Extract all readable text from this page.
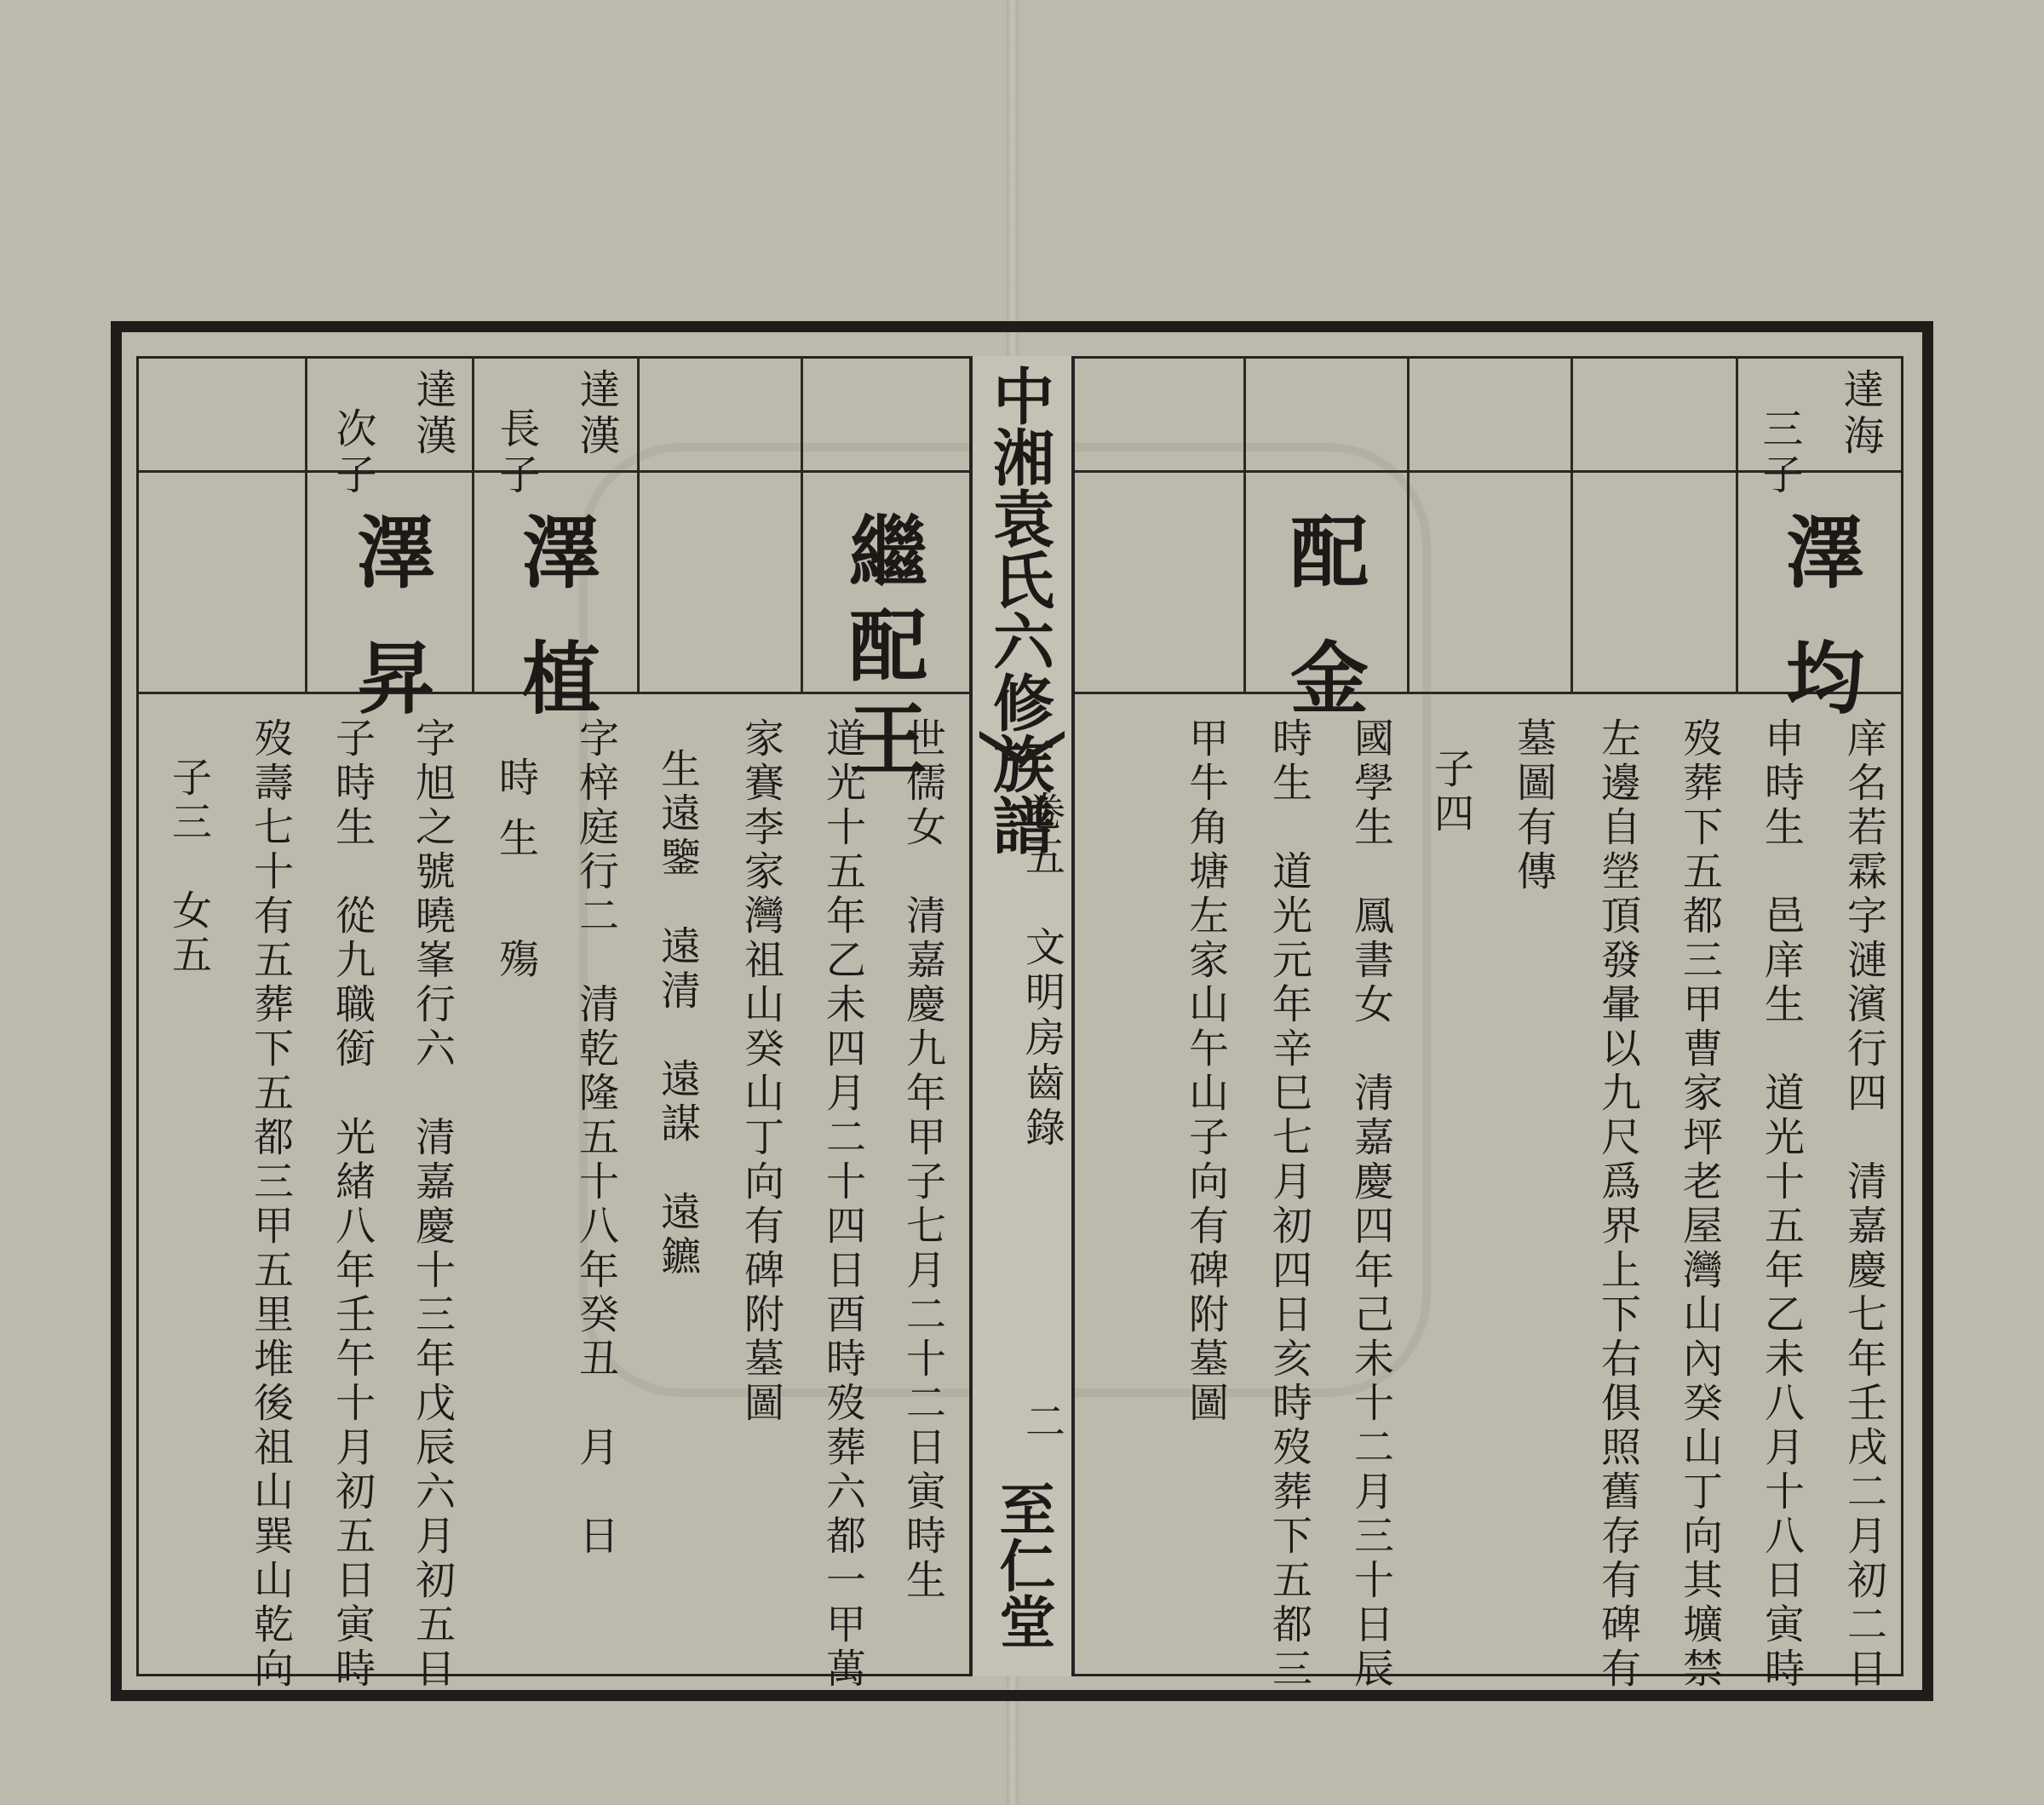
中湘袁氏六修族譜
卷五　文明房齒錄
二
至仁堂
達海
三子
澤均
庠名若霖字漣濱行四　清嘉慶七年壬戌二月初二日
申時生　邑庠生　道光十五年乙未八月十八日寅時
歿葬下五都三甲曹家坪老屋灣山內癸山丁向其壙禁
左邊自塋頂發暈以九尺爲界上下右俱照舊存有碑有
墓圖有傳
子四
配金
國學生　鳳書女　清嘉慶四年己未十二月三十日辰
時生　道光元年辛巳七月初四日亥時歿葬下五都三
甲牛角塘左家山午山子向有碑附墓圖
繼配王
世儒女　清嘉慶九年甲子七月二十二日寅時生
道光十五年乙未四月二十四日酉時歿葬六都一甲萬
家賽李家灣祖山癸山丁向有碑附墓圖
生遠鑒　遠清　遠謀　遠鑣
達漢
長子
澤植
字梓庭行二　清乾隆五十八年癸丑　月　日
時生　殤
達漢
次子
澤昇
字旭之號曉峯行六　清嘉慶十三年戊辰六月初五日
子時生　從九職銜　光緒八年壬午十月初五日寅時
歿壽七十有五葬下五都三甲五里堆後祖山巽山乾向
子三　女五
